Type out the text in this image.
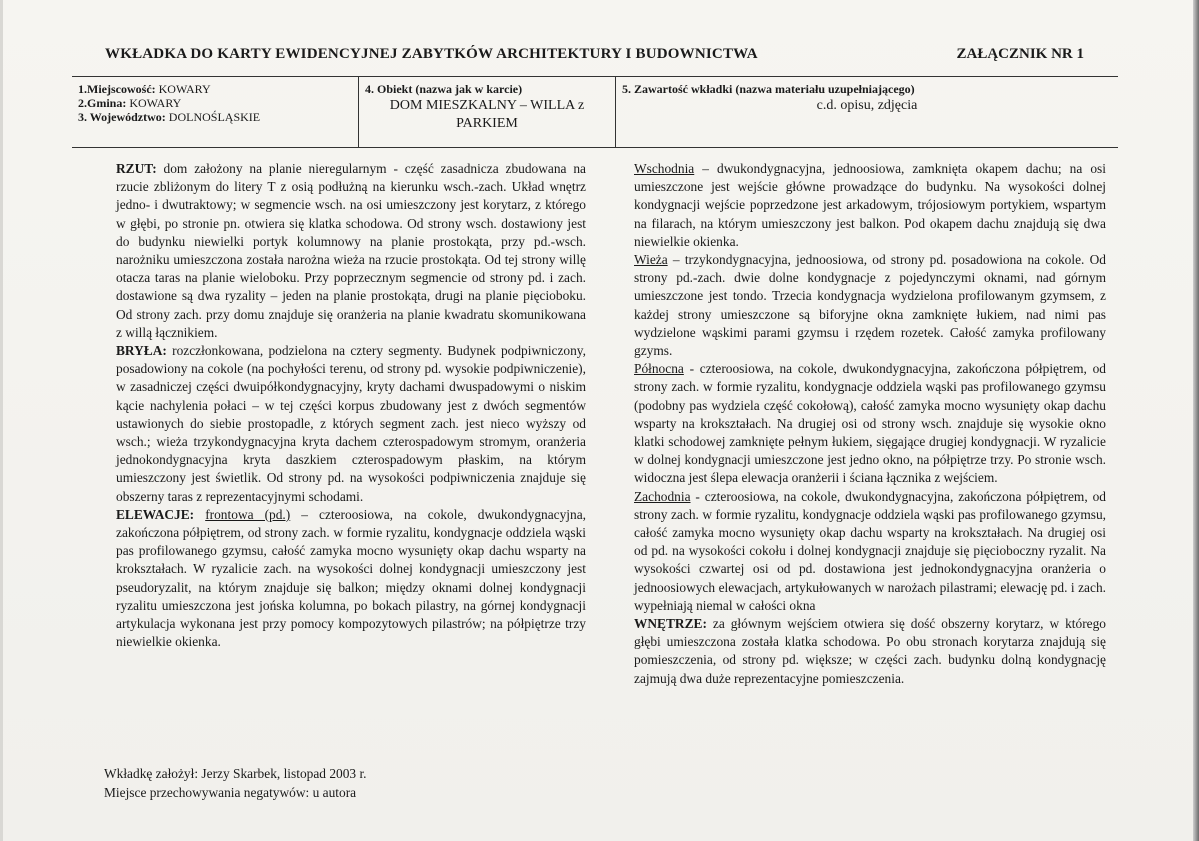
WKŁADKA DO KARTY EWIDENCYJNEJ ZABYTKÓW ARCHITEKTURY I BUDOWNICTWA	ZAŁĄCZNIK NR 1
1.Miejscowość: KOWARY
2.Gmina: KOWARY
3. Województwo: DOLNOŚLĄSKIE
4. Obiekt (nazwa jak w karcie)
DOM MIESZKALNY – WILLA z
PARKIEM
5. Zawartość wkładki (nazwa materiału uzupełniającego)
c.d. opisu, zdjęcia

RZUT: dom założony na planie nieregularnym - część zasadnicza zbudowana na rzucie zbliżonym do litery T z osią podłużną na kierunku wsch.-zach. Układ wnętrz jedno- i dwutraktowy; w segmencie wsch. na osi umieszczony jest korytarz, z którego w głębi, po stronie pn. otwiera się klatka schodowa. Od strony wsch. dostawiony jest do budynku niewielki portyk kolumnowy na planie prostokąta, przy pd.-wsch. narożniku umieszczona została narożna wieża na rzucie prostokąta. Od tej strony willę otacza taras na planie wieloboku. Przy poprzecznym segmencie od strony pd. i zach. dostawione są dwa ryzality – jeden na planie prostokąta, drugi na planie pięcioboku. Od strony zach. przy domu znajduje się oranżeria na planie kwadratu skomunikowana z willą łącznikiem.

BRYŁA: rozczłonkowana, podzielona na cztery segmenty. Budynek podpiwniczony, posadowiony na cokole (na pochyłości terenu, od strony pd. wysokie podpiwniczenie), w zasadniczej części dwuipółkondygnacyjny, kryty dachami dwuspadowymi o niskim kącie nachylenia połaci – w tej części korpus zbudowany jest z dwóch segmentów ustawionych do siebie prostopadle, z których segment zach. jest nieco wyższy od wsch.; wieża trzykondygnacyjna kryta dachem czterospadowym stromym, oranżeria jednokondygnacyjna kryta daszkiem czterospadowym płaskim, na którym umieszczony jest świetlik. Od strony pd. na wysokości podpiwniczenia znajduje się obszerny taras z reprezentacyjnymi schodami.

ELEWACJE: frontowa (pd.) – czteroosiowa, na cokole, dwukondygnacyjna, zakończona półpiętrem, od strony zach. w formie ryzalitu, kondygnacje oddziela wąski pas profilowanego gzymsu, całość zamyka mocno wysunięty okap dachu wsparty na krokształach. W ryzalicie zach. na wysokości dolnej kondygnacji umieszczony jest pseudoryzalit, na którym znajduje się balkon; między oknami dolnej kondygnacji ryzalitu umieszczona jest jońska kolumna, po bokach pilastry, na górnej kondygnacji artykulacja wykonana jest przy pomocy kompozytowych pilastrów; na półpiętrze trzy niewielkie okienka.

Wschodnia – dwukondygnacyjna, jednoosiowa, zamknięta okapem dachu; na osi umieszczone jest wejście główne prowadzące do budynku. Na wysokości dolnej kondygnacji wejście poprzedzone jest arkadowym, trójosiowym portykiem, wspartym na filarach, na którym umieszczony jest balkon. Pod okapem dachu znajdują się dwa niewielkie okienka.

Wieża – trzykondygnacyjna, jednoosiowa, od strony pd. posadowiona na cokole. Od strony pd.-zach. dwie dolne kondygnacje z pojedynczymi oknami, nad górnym umieszczone jest tondo. Trzecia kondygnacja wydzielona profilowanym gzymsem, z każdej strony umieszczone są biforyjne okna zamknięte łukiem, nad nimi pas wydzielone wąskimi parami gzymsu i rzędem rozetek. Całość zamyka profilowany gzyms.

Północna - czteroosiowa, na cokole, dwukondygnacyjna, zakończona półpiętrem, od strony zach. w formie ryzalitu, kondygnacje oddziela wąski pas profilowanego gzymsu (podobny pas wydziela część cokołową), całość zamyka mocno wysunięty okap dachu wsparty na krokształach. Na drugiej osi od strony wsch. znajduje się wysokie okno klatki schodowej zamknięte pełnym łukiem, sięgające drugiej kondygnacji. W ryzalicie w dolnej kondygnacji umieszczone jest jedno okno, na półpiętrze trzy. Po stronie wsch. widoczna jest ślepa elewacja oranżerii i ściana łącznika z wejściem.

Zachodnia - czteroosiowa, na cokole, dwukondygnacyjna, zakończona półpiętrem, od strony zach. w formie ryzalitu, kondygnacje oddziela wąski pas profilowanego gzymsu, całość zamyka mocno wysunięty okap dachu wsparty na krokształach. Na drugiej osi od pd. na wysokości cokołu i dolnej kondygnacji znajduje się pięcioboczny ryzalit. Na wysokości czwartej osi od pd. dostawiona jest jednokondygnacyjna oranżeria o jednoosiowych elewacjach, artykułowanych w narożach pilastrami; elewację pd. i zach. wypełniają niemal w całości okna

WNĘTRZE: za głównym wejściem otwiera się dość obszerny korytarz, w którego głębi umieszczona została klatka schodowa. Po obu stronach korytarza znajdują się pomieszczenia, od strony pd. większe; w części zach. budynku dolną kondygnację zajmują dwa duże reprezentacyjne pomieszczenia.

Wkładkę założył: Jerzy Skarbek, listopad 2003 r.
Miejsce przechowywania negatywów: u autora
